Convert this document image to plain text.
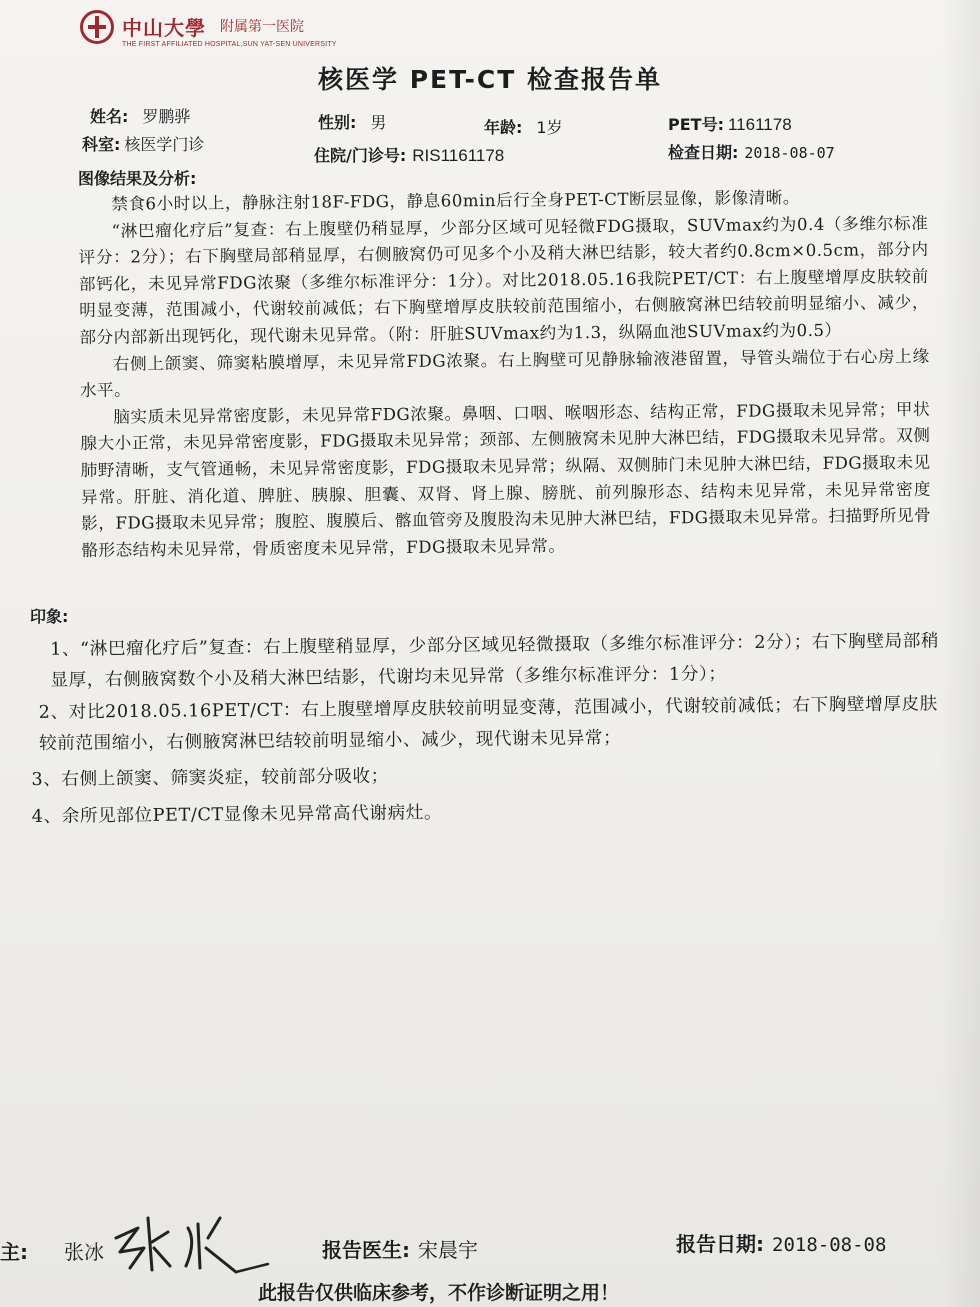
中山大學 附属第一医院
THE FIRST AFFILIATED HOSPITAL,SUN YAT-SEN UNIVERSITY
核医学 PET-CT 检查报告单
姓名: 罗鹏骅	性别: 男	年龄: 1岁	PET号: 1161178
科室: 核医学门诊
住院/门诊号: RIS1161178	检查日期: 2018-08-07
图像结果及分析:

禁食6小时以上，静脉注射18F-FDG，静息60min后行全身PET-CT断层显像，影像清晰。

“淋巴瘤化疗后”复查：右上腹壁仍稍显厚，少部分区域可见轻微FDG摄取，SUVmax约为0.4（多维尔标准评分：2分）；右下胸壁局部稍显厚，右侧腋窝仍可见多个小及稍大淋巴结影，较大者约0.8cm×0.5cm，部分内部钙化，未见异常FDG浓聚（多维尔标准评分：1分）。对比2018.05.16我院PET/CT：右上腹壁增厚皮肤较前明显变薄，范围减小，代谢较前减低；右下胸壁增厚皮肤较前范围缩小，右侧腋窝淋巴结较前明显缩小、减少，部分内部新出现钙化，现代谢未见异常。（附：肝脏SUVmax约为1.3，纵隔血池SUVmax约为0.5）

右侧上颌窦、筛窦粘膜增厚，未见异常FDG浓聚。右上胸壁可见静脉输液港留置，导管头端位于右心房上缘水平。

脑实质未见异常密度影，未见异常FDG浓聚。鼻咽、口咽、喉咽形态、结构正常，FDG摄取未见异常；甲状腺大小正常，未见异常密度影，FDG摄取未见异常；颈部、左侧腋窝未见肿大淋巴结，FDG摄取未见异常。双侧肺野清晰，支气管通畅，未见异常密度影，FDG摄取未见异常；纵隔、双侧肺门未见肿大淋巴结，FDG摄取未见异常。肝脏、消化道、脾脏、胰腺、胆囊、双肾、肾上腺、膀胱、前列腺形态、结构未见异常，未见异常密度影，FDG摄取未见异常；腹腔、腹膜后、髂血管旁及腹股沟未见肿大淋巴结，FDG摄取未见异常。扫描野所见骨骼形态结构未见异常，骨质密度未见异常，FDG摄取未见异常。

印象:

1、“淋巴瘤化疗后”复查：右上腹壁稍显厚，少部分区域见轻微摄取（多维尔标准评分：2分）；右下胸壁局部稍显厚，右侧腋窝数个小及稍大淋巴结影，代谢均未见异常（多维尔标准评分：1分）；

2、对比2018.05.16PET/CT：右上腹壁增厚皮肤较前明显变薄，范围减小，代谢较前减低；右下胸壁增厚皮肤较前范围缩小，右侧腋窝淋巴结较前明显缩小、减少，现代谢未见异常；

3、右侧上颌窦、筛窦炎症，较前部分吸收；

4、余所见部位PET/CT显像未见异常高代谢病灶。

主: 张冰	报告医生: 宋晨宇	报告日期: 2018-08-08
此报告仅供临床参考，不作诊断证明之用！
